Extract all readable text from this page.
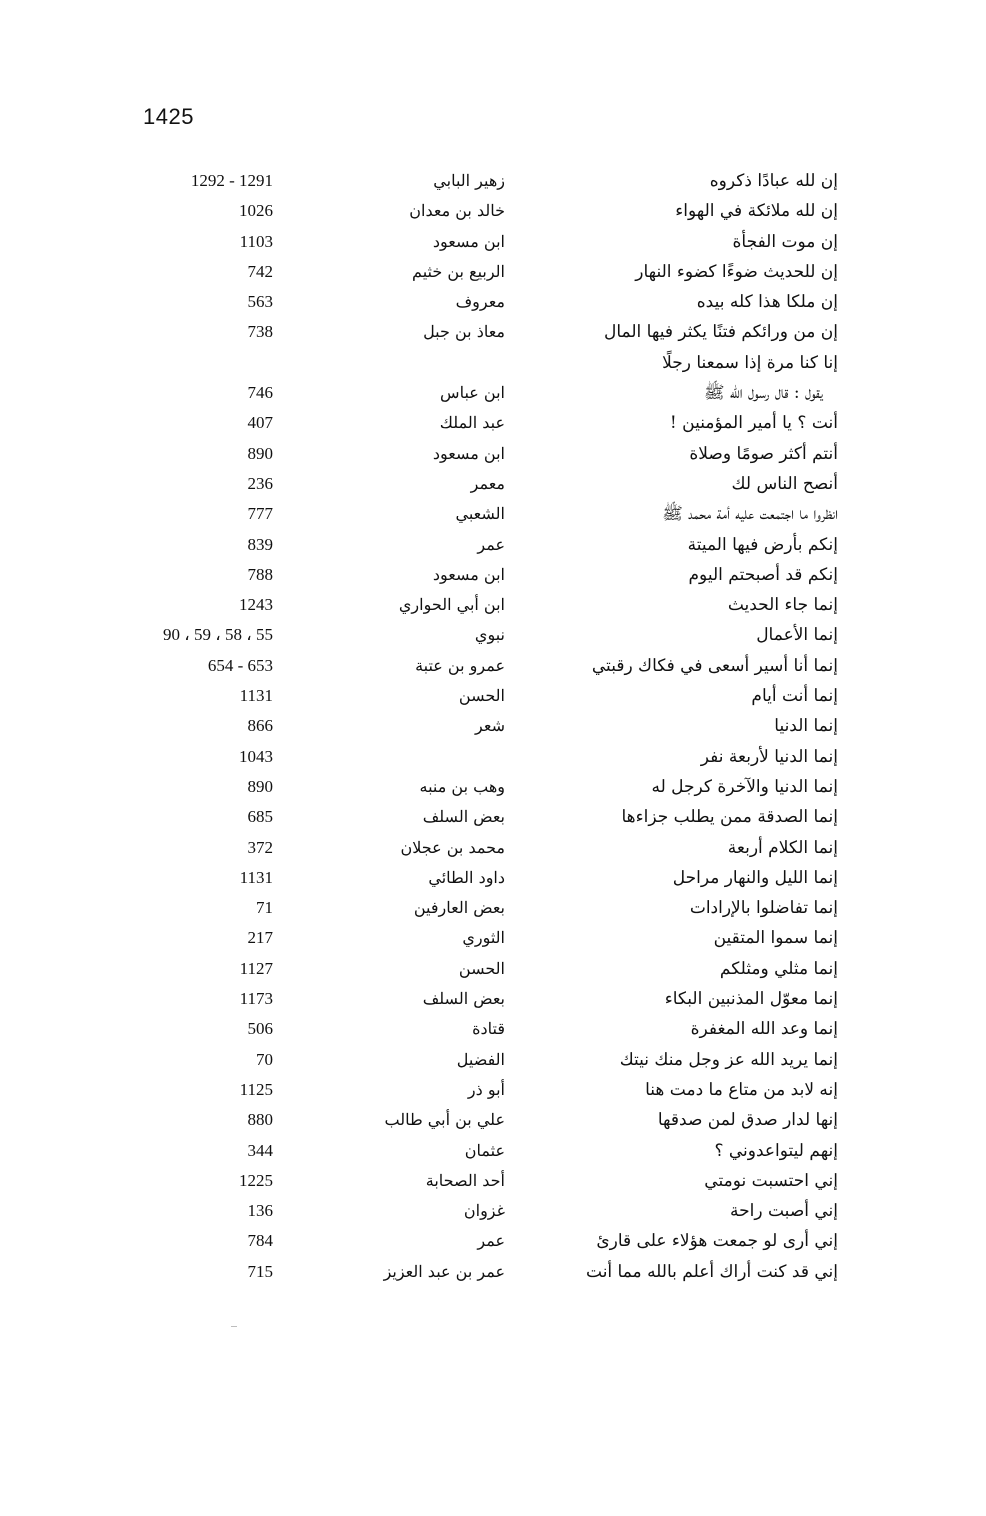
1425
إن لله عبادًا ذكروه
زهير البابي
1292 - 1291
إن لله ملائكة في الهواء
خالد بن معدان
1026
إن موت الفجأة
ابن مسعود
1103
إن للحديث ضوءًا كضوء النهار
الربيع بن خثيم
742
إن ملكا هذا كله بيده
معروف
563
إن من ورائكم فتنًا يكثر فيها المال
معاذ بن جبل
738
إنا كنا مرة إذا سمعنا رجلًا
يقول : قال رسول الله ﷺ
ابن عباس
746
أنت ؟ يا أمير المؤمنين !
عبد الملك
407
أنتم أكثر صومًا وصلاة
ابن مسعود
890
أنصح الناس لك
معمر
236
انظروا ما اجتمعت عليه أمة محمد ﷺ
الشعبي
777
إنكم بأرض فيها الميتة
عمر
839
إنكم قد أصبحتم اليوم
ابن مسعود
788
إنما جاء الحديث
ابن أبي الحواري
1243
إنما الأعمال
نبوي
90 ، 59 ، 58 ، 55
إنما أنا أسير أسعى في فكاك رقبتي
عمرو بن عتبة
654 - 653
إنما أنت أيام
الحسن
1131
إنما الدنيا
شعر
866
إنما الدنيا لأربعة نفر
1043
إنما الدنيا والآخرة كرجل له
وهب بن منبه
890
إنما الصدقة ممن يطلب جزاءها
بعض السلف
685
إنما الكلام أربعة
محمد بن عجلان
372
إنما الليل والنهار مراحل
داود الطائي
1131
إنما تفاضلوا بالإرادات
بعض العارفين
71
إنما سموا المتقين
الثوري
217
إنما مثلي ومثلكم
الحسن
1127
إنما معوّل المذنبين البكاء
بعض السلف
1173
إنما وعد الله المغفرة
قتادة
506
إنما يريد الله عز وجل منك نيتك
الفضيل
70
إنه لابد من متاع ما دمت هنا
أبو ذر
1125
إنها لدار صدق لمن صدقها
علي بن أبي طالب
880
إنهم ليتواعدوني ؟
عثمان
344
إني احتسبت نومتي
أحد الصحابة
1225
إني أصبت راحة
غزوان
136
إني أرى لو جمعت هؤلاء على قارئ
عمر
784
إني قد كنت أراك أعلم بالله مما أنت
عمر بن عبد العزيز
715
